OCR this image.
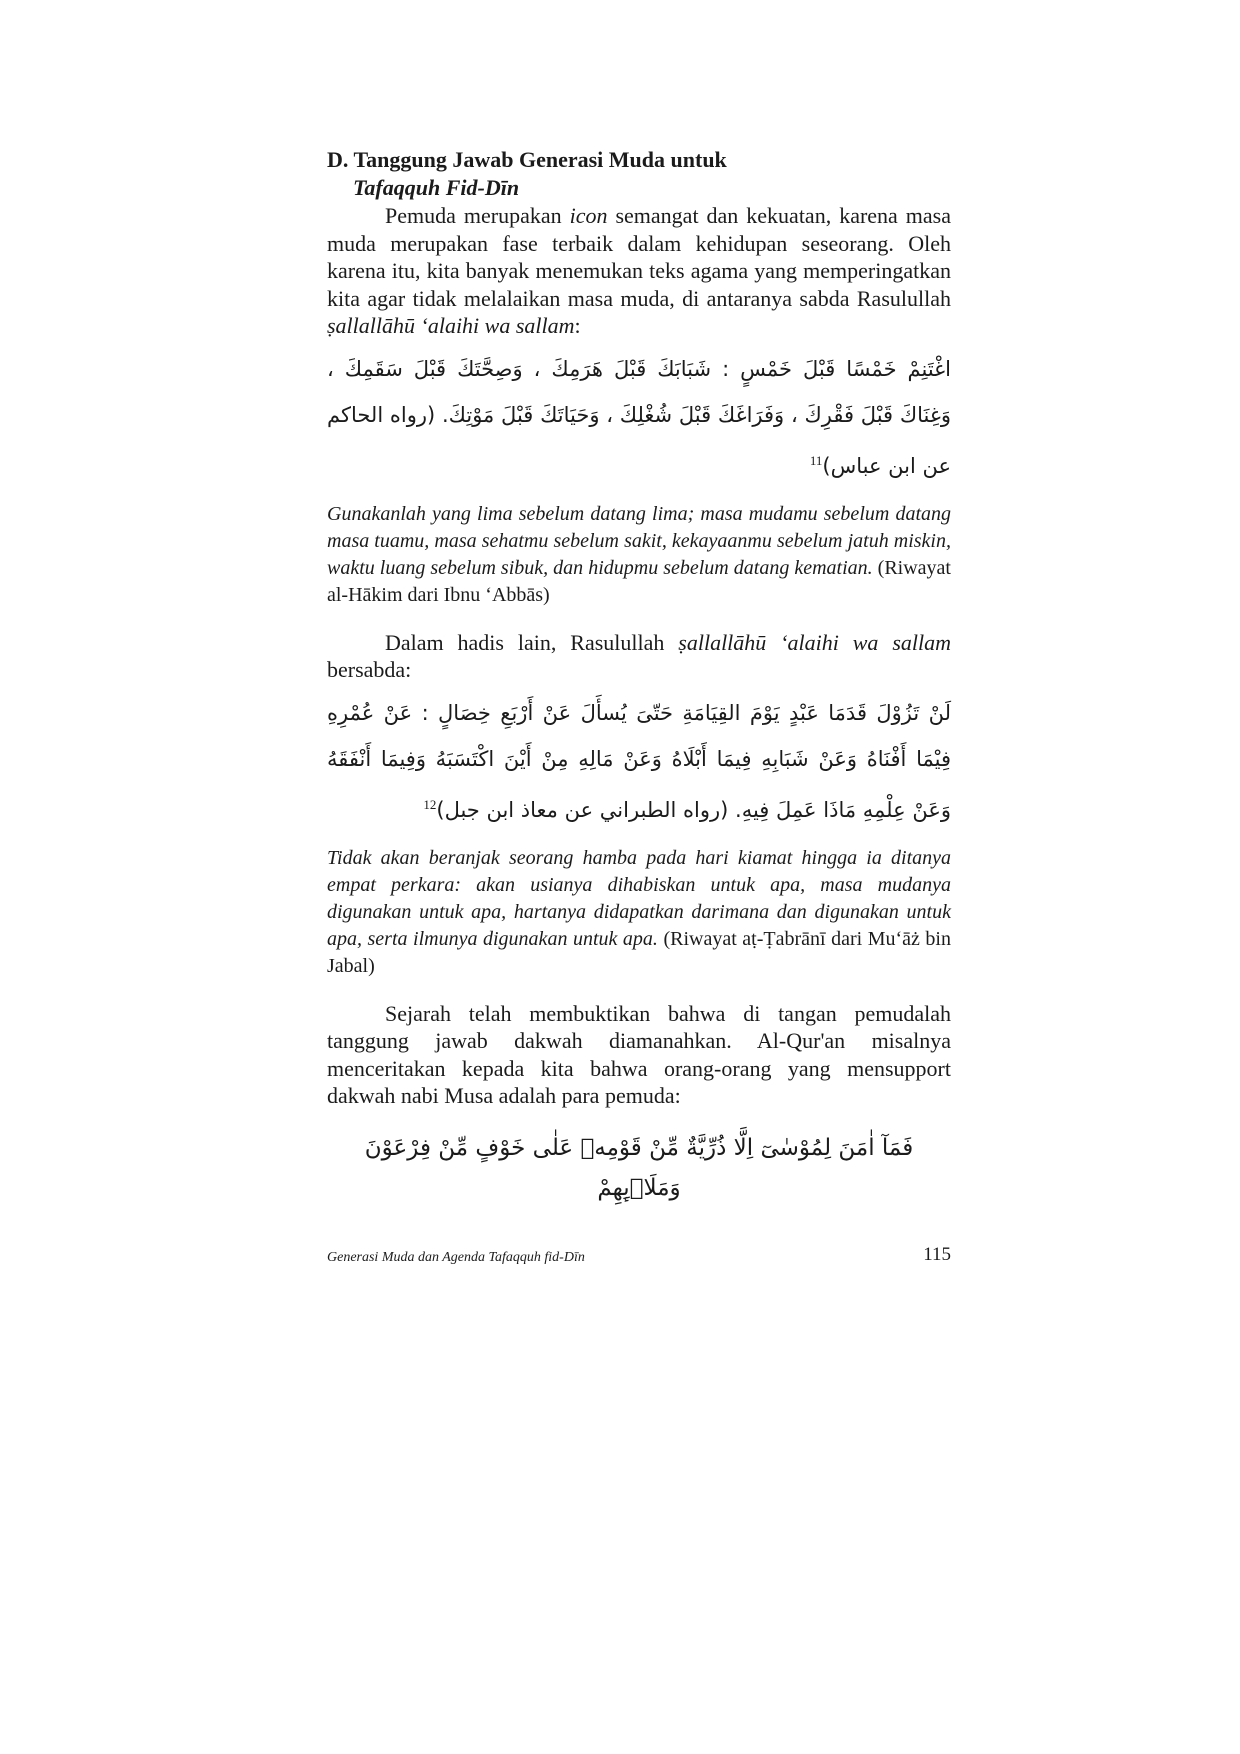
D. Tanggung Jawab Generasi Muda untuk
Tafaqquh Fid-Dīn

Pemuda merupakan icon semangat dan kekuatan, karena masa muda merupakan fase terbaik dalam kehidupan seseorang. Oleh karena itu, kita banyak menemukan teks agama yang memperingatkan kita agar tidak melalaikan masa muda, di antaranya sabda Rasulullah ṣallallāhū ‘alaihi wa sallam:

اغْتَنِمْ خَمْسًا قَبْلَ خَمْسٍ : شَبَابَكَ قَبْلَ هَرَمِكَ ، وَصِحَّتَكَ قَبْلَ سَقَمِكَ ، وَغِنَاكَ قَبْلَ فَقْرِكَ ، وَفَرَاغَكَ قَبْلَ شُغْلِكَ ، وَحَيَاتَكَ قَبْلَ مَوْتِكَ. (رواه الحاكم عن ابن عباس)$^{11}$

Gunakanlah yang lima sebelum datang lima; masa mudamu sebelum datang masa tuamu, masa sehatmu sebelum sakit, kekayaanmu sebelum jatuh miskin, waktu luang sebelum sibuk, dan hidupmu sebelum datang kematian. (Riwayat al-Hākim dari Ibnu ‘Abbās)

Dalam hadis lain, Rasulullah ṣallallāhū ‘alaihi wa sallam bersabda:

لَنْ تَزُوْلَ قَدَمَا عَبْدٍ يَوْمَ القِيَامَةِ حَتّىَ يُسأَلَ عَنْ أَرْبَعِ خِصَالٍ : عَنْ عُمْرِهِ فِيْمَا أَفْنَاهُ وَعَنْ شَبَابِهِ فِيمَا أَبْلَاهُ وَعَنْ مَالِهِ مِنْ أَيْنَ اكْتَسَبَهُ وَفِيمَا أَنْفَقَهُ وَعَنْ عِلْمِهِ مَاذَا عَمِلَ فِيهِ. (رواه الطبراني عن معاذ ابن جبل)$^{12}$

Tidak akan beranjak seorang hamba pada hari kiamat hingga ia ditanya empat perkara: akan usianya dihabiskan untuk apa, masa mudanya digunakan untuk apa, hartanya didapatkan darimana dan digunakan untuk apa, serta ilmunya digunakan untuk apa. (Riwayat aṭ-Ṭabrānī dari Mu‘āż bin Jabal)

Sejarah telah membuktikan bahwa di tangan pemudalah tanggung jawab dakwah diamanahkan. Al-Qur'an misalnya menceritakan kepada kita bahwa orang-orang yang mensupport dakwah nabi Musa adalah para pemuda:

فَمَآ اٰمَنَ لِمُوْسٰىٓ اِلَّا ذُرِّيَّةٌ مِّنْ قَوْمِهٖ عَلٰى خَوْفٍ مِّنْ فِرْعَوْنَ وَمَلَا۟ىِٕهِمْ

Generasi Muda dan Agenda Tafaqquh fid-Dīn	115
